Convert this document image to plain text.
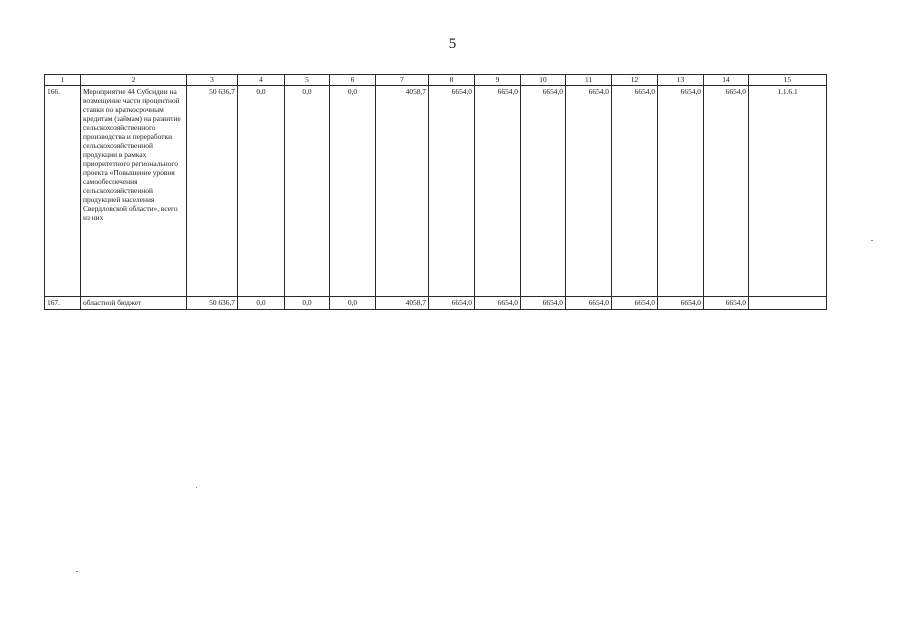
5
1	2	3	4	5	6	7	8	9	10	11	12	13	14	15
166.	Мероприятие 44 Субсидии на возмещение части процентной ставки по краткосрочным кредитам (займам) на развитие сельскохозяйственного производства и переработки сельскохозяйственной продукции в рамках приоритетного регионального проекта «Повышение уровня самообеспечения сельскохозяйственной продукцией населения Свердловской области», всего из них	50 636,7	0,0	0,0	0,0	4058,7	6654,0	6654,0	6654,0	6654,0	6654,0	6654,0	6654,0	1.1.6.1
167.	областной бюджет	50 636,7	0,0	0,0	0,0	4058,7	6654,0	6654,0	6654,0	6654,0	6654,0	6654,0	6654,0	
